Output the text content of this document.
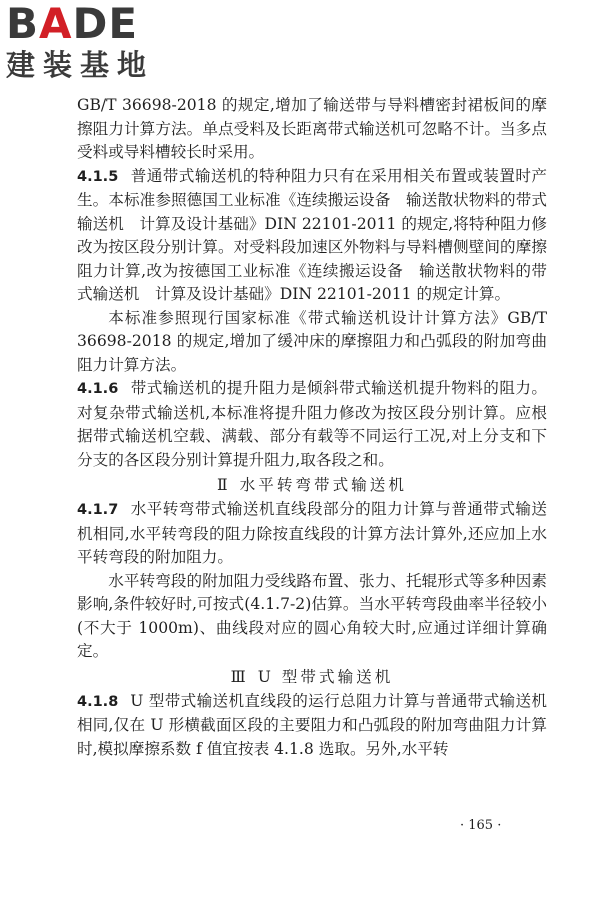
BADE
建装基地

GB/T 36698-2018 的规定,增加了输送带与导料槽密封裙板间的摩擦阻力计算方法。单点受料及长距离带式输送机可忽略不计。当多点受料或导料槽较长时采用。

4.1.5 普通带式输送机的特种阻力只有在采用相关布置或装置时产生。本标准参照德国工业标准《连续搬运设备　输送散状物料的带式输送机　计算及设计基础》DIN 22101-2011 的规定,将特种阻力修改为按区段分别计算。对受料段加速区外物料与导料槽侧壁间的摩擦阻力计算,改为按德国工业标准《连续搬运设备　输送散状物料的带式输送机　计算及设计基础》DIN 22101-2011 的规定计算。

本标准参照现行国家标准《带式输送机设计计算方法》GB/T 36698-2018 的规定,增加了缓冲床的摩擦阻力和凸弧段的附加弯曲阻力计算方法。

4.1.6 带式输送机的提升阻力是倾斜带式输送机提升物料的阻力。对复杂带式输送机,本标准将提升阻力修改为按区段分别计算。应根据带式输送机空载、满载、部分有载等不同运行工况,对上分支和下分支的各区段分别计算提升阻力,取各段之和。

Ⅱ 水平转弯带式输送机

4.1.7 水平转弯带式输送机直线段部分的阻力计算与普通带式输送机相同,水平转弯段的阻力除按直线段的计算方法计算外,还应加上水平转弯段的附加阻力。

水平转弯段的附加阻力受线路布置、张力、托辊形式等多种因素影响,条件较好时,可按式(4.1.7-2)估算。当水平转弯段曲率半径较小(不大于 1000m)、曲线段对应的圆心角较大时,应通过详细计算确定。

Ⅲ U 型带式输送机

4.1.8 U 型带式输送机直线段的运行总阻力计算与普通带式输送机相同,仅在 U 形横截面区段的主要阻力和凸弧段的附加弯曲阻力计算时,模拟摩擦系数 f 值宜按表 4.1.8 选取。另外,水平转

· 165 ·
